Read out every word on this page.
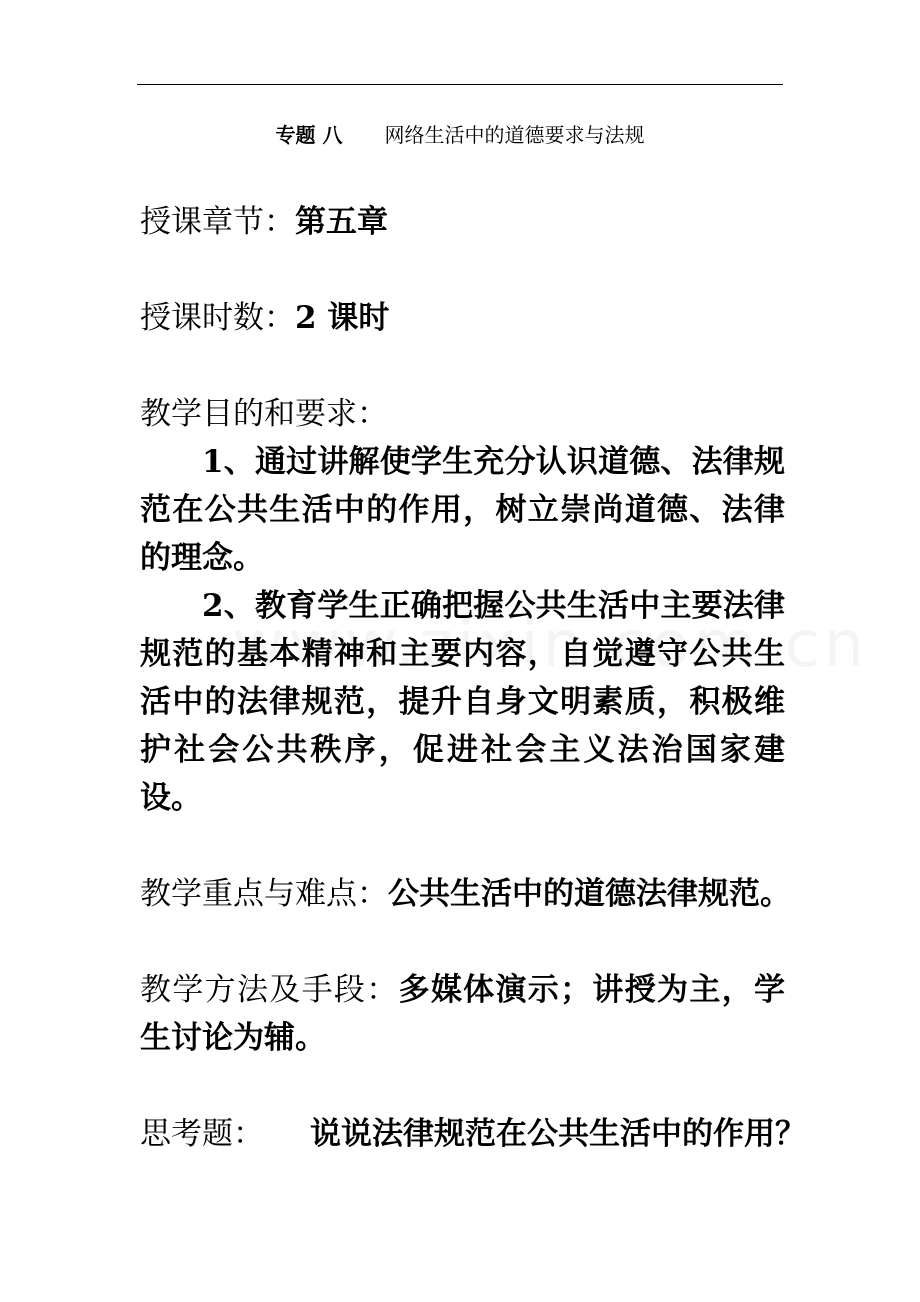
专题 八 网络生活中的道德要求与法规

授课章节：第五章

授课时数：2 课时

教学目的和要求：

1、通过讲解使学生充分认识道德、法律规范在公共生活中的作用，树立崇尚道德、法律的理念。

2、教育学生正确把握公共生活中主要法律规范的基本精神和主要内容，自觉遵守公共生活中的法律规范，提升自身文明素质，积极维护社会公共秩序，促进社会主义法治国家建设。

教学重点与难点：公共生活中的道德法律规范。

教学方法及手段：多媒体演示；讲授为主，学生讨论为辅。

思考题： 说说法律规范在公共生活中的作用？
